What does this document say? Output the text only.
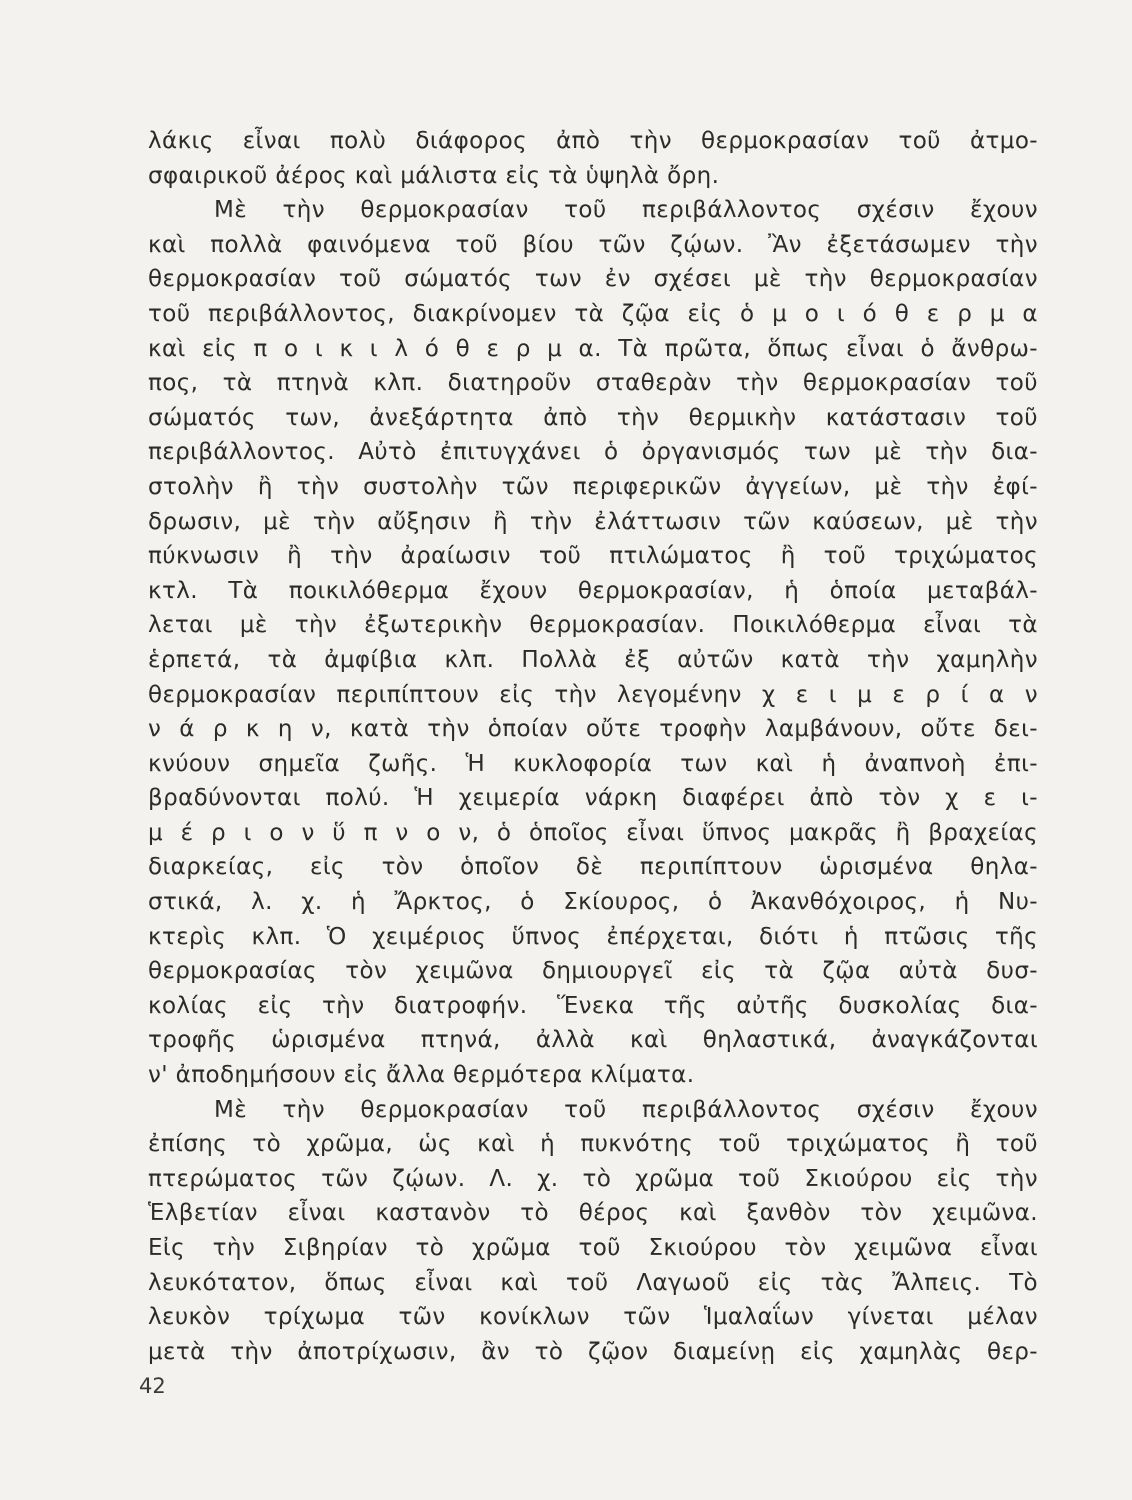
λάκις εἶναι πολὺ διάφορος ἀπὸ τὴν θερμοκρασίαν τοῦ ἀτμο-
σφαιρικοῦ ἀέρος καὶ μάλιστα εἰς τὰ ὑψηλὰ ὄρη.
Μὲ τὴν θερμοκρασίαν τοῦ περιβάλλοντος σχέσιν ἔχουν
καὶ πολλὰ φαινόμενα τοῦ βίου τῶν ζῴων. Ἂν ἐξετάσωμεν τὴν
θερμοκρασίαν τοῦ σώματός των ἐν σχέσει μὲ τὴν θερμοκρασίαν
τοῦ περιβάλλοντος, διακρίνομεν τὰ ζῷα εἰς ὁ μ ο ι ό θ ε ρ μ α
καὶ εἰς π ο ι κ ι λ ό θ ε ρ μ α. Τὰ πρῶτα, ὅπως εἶναι ὁ ἄνθρω-
πος, τὰ πτηνὰ κλπ. διατηροῦν σταθερὰν τὴν θερμοκρασίαν τοῦ
σώματός των, ἀνεξάρτητα ἀπὸ τὴν θερμικὴν κατάστασιν τοῦ
περιβάλλοντος. Αὐτὸ ἐπιτυγχάνει ὁ ὀργανισμός των μὲ τὴν δια-
στολὴν ἢ τὴν συστολὴν τῶν περιφερικῶν ἀγγείων, μὲ τὴν ἐφί-
δρωσιν, μὲ τὴν αὔξησιν ἢ τὴν ἐλάττωσιν τῶν καύσεων, μὲ τὴν
πύκνωσιν ἢ τὴν ἀραίωσιν τοῦ πτιλώματος ἢ τοῦ τριχώματος
κτλ. Τὰ ποικιλόθερμα ἔχουν θερμοκρασίαν, ἡ ὁποία μεταβάλ-
λεται μὲ τὴν ἐξωτερικὴν θερμοκρασίαν. Ποικιλόθερμα εἶναι τὰ
ἑρπετά, τὰ ἀμφίβια κλπ. Πολλὰ ἐξ αὐτῶν κατὰ τὴν χαμηλὴν
θερμοκρασίαν περιπίπτουν εἰς τὴν λεγομένην χ ε ι μ ε ρ ί α ν
ν ά ρ κ η ν, κατὰ τὴν ὁποίαν οὔτε τροφὴν λαμβάνουν, οὔτε δει-
κνύουν σημεῖα ζωῆς. Ἡ κυκλοφορία των καὶ ἡ ἀναπνοὴ ἐπι-
βραδύνονται πολύ. Ἡ χειμερία νάρκη διαφέρει ἀπὸ τὸν χ ε ι-
μ έ ρ ι ο ν ὕ π ν ο ν, ὁ ὁποῖος εἶναι ὕπνος μακρᾶς ἢ βραχείας
διαρκείας, εἰς τὸν ὁποῖον δὲ περιπίπτουν ὡρισμένα θηλα-
στικά, λ. χ. ἡ Ἄρκτος, ὁ Σκίουρος, ὁ Ἀκανθόχοιρος, ἡ Νυ-
κτερὶς κλπ. Ὁ χειμέριος ὕπνος ἐπέρχεται, διότι ἡ πτῶσις τῆς
θερμοκρασίας τὸν χειμῶνα δημιουργεῖ εἰς τὰ ζῷα αὐτὰ δυσ-
κολίας εἰς τὴν διατροφήν. Ἕνεκα τῆς αὐτῆς δυσκολίας δια-
τροφῆς ὡρισμένα πτηνά, ἀλλὰ καὶ θηλαστικά, ἀναγκάζονται
ν' ἀποδημήσουν εἰς ἄλλα θερμότερα κλίματα.
Μὲ τὴν θερμοκρασίαν τοῦ περιβάλλοντος σχέσιν ἔχουν
ἐπίσης τὸ χρῶμα, ὡς καὶ ἡ πυκνότης τοῦ τριχώματος ἢ τοῦ
πτερώματος τῶν ζῴων. Λ. χ. τὸ χρῶμα τοῦ Σκιούρου εἰς τὴν
Ἑλβετίαν εἶναι καστανὸν τὸ θέρος καὶ ξανθὸν τὸν χειμῶνα.
Εἰς τὴν Σιβηρίαν τὸ χρῶμα τοῦ Σκιούρου τὸν χειμῶνα εἶναι
λευκότατον, ὅπως εἶναι καὶ τοῦ Λαγωοῦ εἰς τὰς Ἄλπεις. Τὸ
λευκὸν τρίχωμα τῶν κονίκλων τῶν Ἱμαλαΐων γίνεται μέλαν
μετὰ τὴν ἀποτρίχωσιν, ἂν τὸ ζῷον διαμείνῃ εἰς χαμηλὰς θερ-
42
